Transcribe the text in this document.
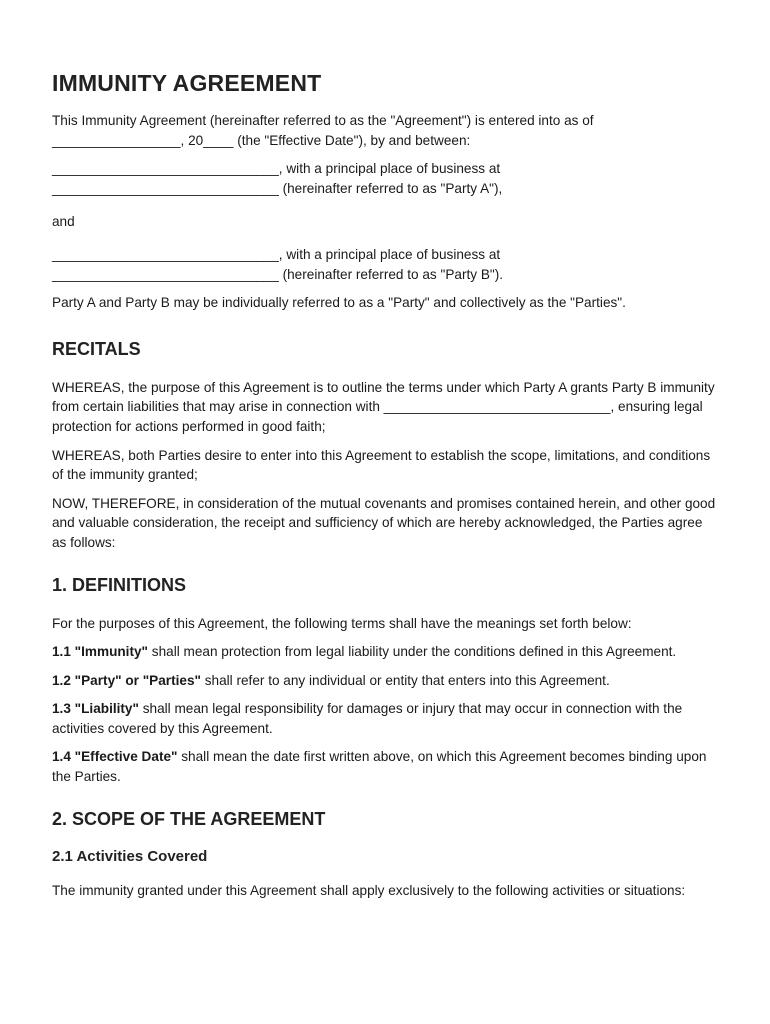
IMMUNITY AGREEMENT

This Immunity Agreement (hereinafter referred to as the "Agreement") is entered into as of
_________________, 20____ (the "Effective Date"), by and between:

______________________________, with a principal place of business at
______________________________ (hereinafter referred to as "Party A"),

and

______________________________, with a principal place of business at
______________________________ (hereinafter referred to as "Party B").

Party A and Party B may be individually referred to as a "Party" and collectively as the "Parties".

RECITALS

WHEREAS, the purpose of this Agreement is to outline the terms under which Party A grants Party B immunity from certain liabilities that may arise in connection with ______________________________, ensuring legal protection for actions performed in good faith;

WHEREAS, both Parties desire to enter into this Agreement to establish the scope, limitations, and conditions of the immunity granted;

NOW, THEREFORE, in consideration of the mutual covenants and promises contained herein, and other good and valuable consideration, the receipt and sufficiency of which are hereby acknowledged, the Parties agree as follows:

1. DEFINITIONS

For the purposes of this Agreement, the following terms shall have the meanings set forth below:

1.1 "Immunity" shall mean protection from legal liability under the conditions defined in this Agreement.

1.2 "Party" or "Parties" shall refer to any individual or entity that enters into this Agreement.

1.3 "Liability" shall mean legal responsibility for damages or injury that may occur in connection with the activities covered by this Agreement.

1.4 "Effective Date" shall mean the date first written above, on which this Agreement becomes binding upon the Parties.

2. SCOPE OF THE AGREEMENT
2.1 Activities Covered

The immunity granted under this Agreement shall apply exclusively to the following activities or situations:
